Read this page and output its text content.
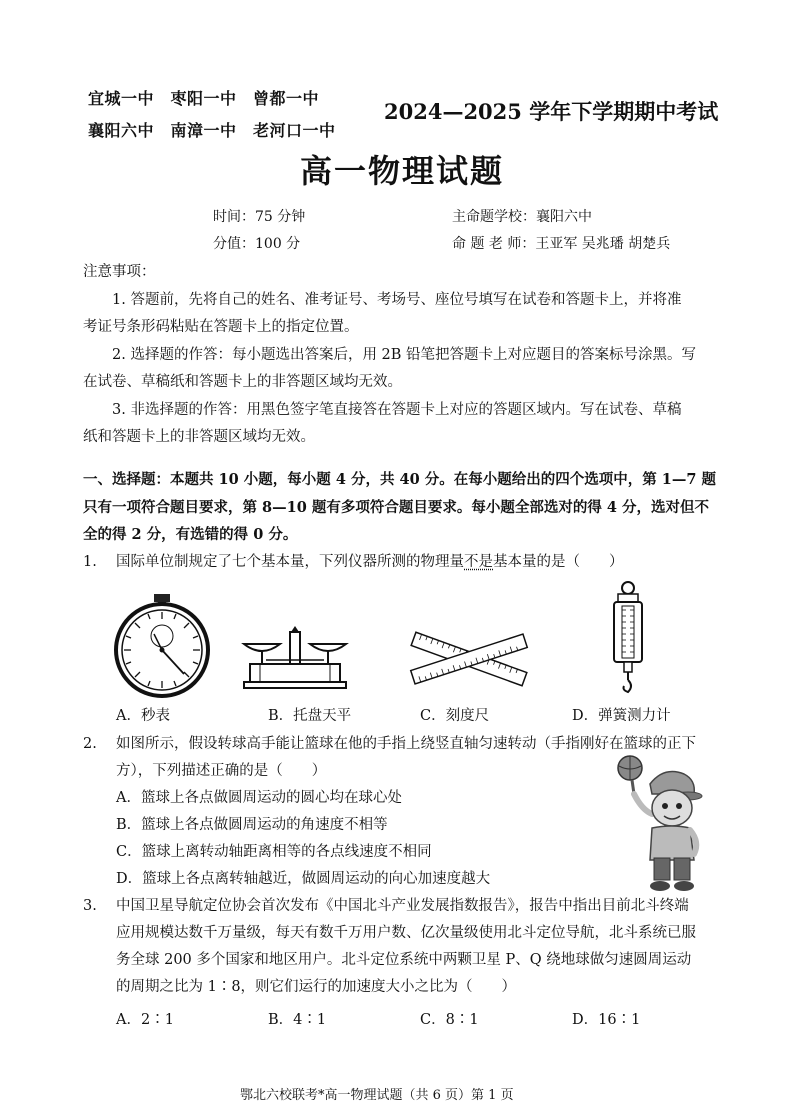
宜城一中　枣阳一中　曾都一中
襄阳六中　南漳一中　老河口一中
2024—2025 学年下学期期中考试
高一物理试题
时间：75 分钟
分值：100 分
主命题学校：襄阳六中
命 题 老 师：王亚军 吴兆璠 胡楚兵
注意事项：
1. 答题前，先将自己的姓名、准考证号、考场号、座位号填写在试卷和答题卡上，并将准
考证号条形码粘贴在答题卡上的指定位置。
2. 选择题的作答：每小题选出答案后，用 2B 铅笔把答题卡上对应题目的答案标号涂黑。写
在试卷、草稿纸和答题卡上的非答题区域均无效。
3. 非选择题的作答：用黑色签字笔直接答在答题卡上对应的答题区域内。写在试卷、草稿
纸和答题卡上的非答题区域均无效。
一、选择题：本题共 10 小题，每小题 4 分，共 40 分。在每小题给出的四个选项中，第 1—7 题
只有一项符合题目要求，第 8—10 题有多项符合题目要求。每小题全部选对的得 4 分，选对但不
全的得 2 分，有选错的得 0 分。
1. 国际单位制规定了七个基本量，下列仪器所测的物理量不是基本量的是（　　）
A．秒表	B．托盘天平	C．刻度尺	D．弹簧测力计
2. 如图所示，假设转球高手能让篮球在他的手指上绕竖直轴匀速转动（手指刚好在篮球的正下
方），下列描述正确的是（　　）
A．篮球上各点做圆周运动的圆心均在球心处
B．篮球上各点做圆周运动的角速度不相等
C．篮球上离转动轴距离相等的各点线速度不相同
D．篮球上各点离转轴越近，做圆周运动的向心加速度越大
3. 中国卫星导航定位协会首次发布《中国北斗产业发展指数报告》，报告中指出目前北斗终端
应用规模达数千万量级，每天有数千万用户数、亿次量级使用北斗定位导航，北斗系统已服
务全球 200 多个国家和地区用户。北斗定位系统中两颗卫星 P、Q 绕地球做匀速圆周运动
的周期之比为 1∶8，则它们运行的加速度大小之比为（　　）
A．2∶1	B．4∶1	C．8∶1	D．16∶1
鄂北六校联考*高一物理试题（共 6 页）第 1 页
